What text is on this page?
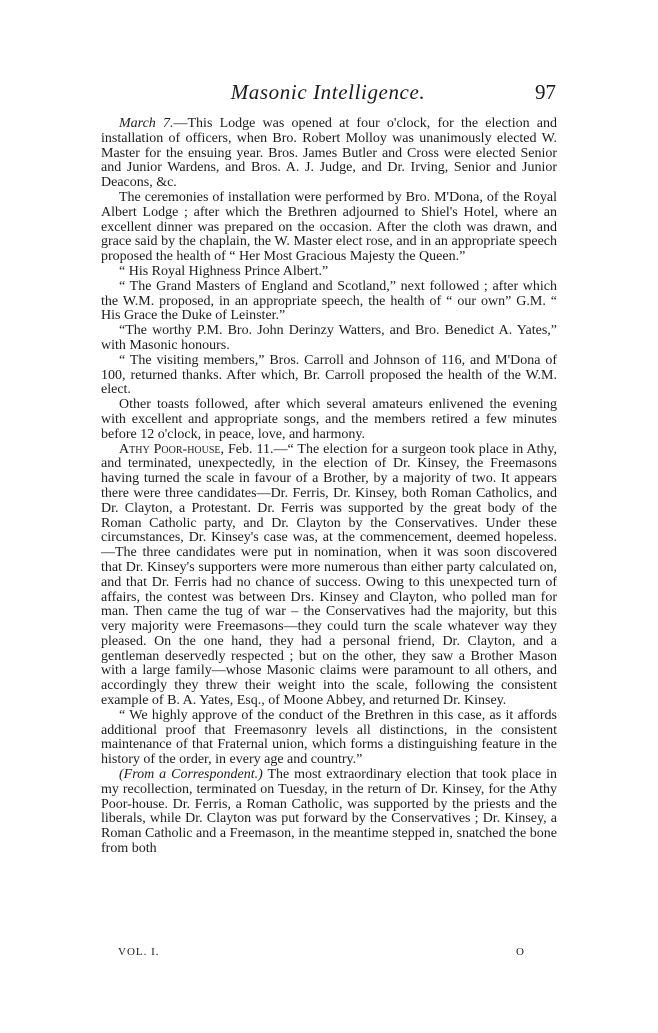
Masonic Intelligence.	97

March 7.—This Lodge was opened at four o'clock, for the election and installation of officers, when Bro. Robert Molloy was unanimously elected W. Master for the ensuing year. Bros. James Butler and Cross were elected Senior and Junior Wardens, and Bros. A. J. Judge, and Dr. Irving, Senior and Junior Deacons, &c.

The ceremonies of installation were performed by Bro. M'Dona, of the Royal Albert Lodge ; after which the Brethren adjourned to Shiel's Hotel, where an excellent dinner was prepared on the occasion. After the cloth was drawn, and grace said by the chaplain, the W. Master elect rose, and in an appropriate speech proposed the health of “ Her Most Gracious Majesty the Queen.”

“ His Royal Highness Prince Albert.”

“ The Grand Masters of England and Scotland,” next followed ; after which the W.M. proposed, in an appropriate speech, the health of “ our own” G.M. “ His Grace the Duke of Leinster.”

“The worthy P.M. Bro. John Derinzy Watters, and Bro. Benedict A. Yates,” with Masonic honours.

“ The visiting members,” Bros. Carroll and Johnson of 116, and M'Dona of 100, returned thanks. After which, Br. Carroll proposed the health of the W.M. elect.

Other toasts followed, after which several amateurs enlivened the evening with excellent and appropriate songs, and the members retired a few minutes before 12 o'clock, in peace, love, and harmony.

Athy Poor-house, Feb. 11.—“ The election for a surgeon took place in Athy, and terminated, unexpectedly, in the election of Dr. Kinsey, the Freemasons having turned the scale in favour of a Brother, by a majority of two. It appears there were three candidates—Dr. Ferris, Dr. Kinsey, both Roman Catholics, and Dr. Clayton, a Protestant. Dr. Ferris was supported by the great body of the Roman Catholic party, and Dr. Clayton by the Conservatives. Under these circumstances, Dr. Kinsey's case was, at the commencement, deemed hopeless.—The three candidates were put in nomination, when it was soon discovered that Dr. Kinsey's supporters were more numerous than either party calculated on, and that Dr. Ferris had no chance of success. Owing to this unexpected turn of affairs, the contest was between Drs. Kinsey and Clayton, who polled man for man. Then came the tug of war – the Conservatives had the majority, but this very majority were Freemasons—they could turn the scale whatever way they pleased. On the one hand, they had a personal friend, Dr. Clayton, and a gentleman deservedly respected ; but on the other, they saw a Brother Mason with a large family—whose Masonic claims were paramount to all others, and accordingly they threw their weight into the scale, following the consistent example of B. A. Yates, Esq., of Moone Abbey, and returned Dr. Kinsey.

“ We highly approve of the conduct of the Brethren in this case, as it affords additional proof that Freemasonry levels all distinctions, in the consistent maintenance of that Fraternal union, which forms a distinguishing feature in the history of the order, in every age and country.”

(From a Correspondent.) The most extraordinary election that took place in my recollection, terminated on Tuesday, in the return of Dr. Kinsey, for the Athy Poor-house. Dr. Ferris, a Roman Catholic, was supported by the priests and the liberals, while Dr. Clayton was put forward by the Conservatives ; Dr. Kinsey, a Roman Catholic and a Freemason, in the meantime stepped in, snatched the bone from both

VOL. I.	O
